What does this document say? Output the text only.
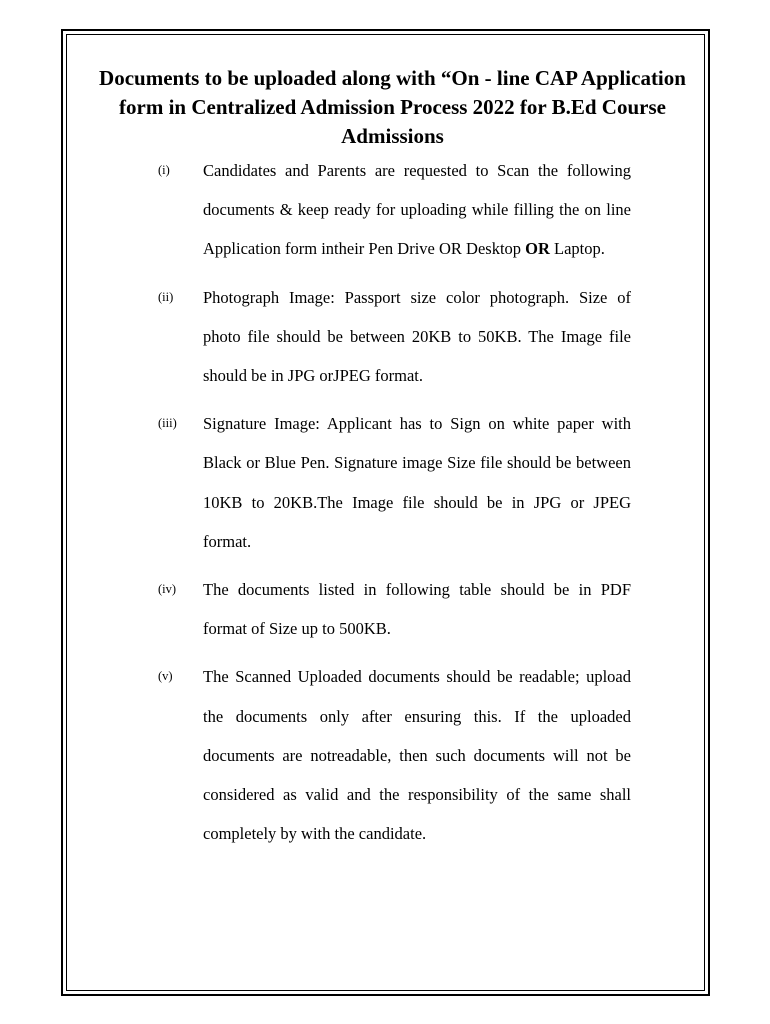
Documents to be uploaded along with “On - line CAP Application form in Centralized Admission Process 2022 for B.Ed Course Admissions
(i)	Candidates and Parents are requested to Scan the following documents & keep ready for uploading while filling the on line Application form intheir Pen Drive OR Desktop OR Laptop.
(ii)	Photograph Image: Passport size color photograph. Size of photo file should be between 20KB to 50KB. The Image file should be in JPG orJPEG format.
(iii)	Signature Image: Applicant has to Sign on white paper with Black or Blue Pen. Signature image Size file should be between 10KB to 20KB.The Image file should be in JPG or JPEG format.
(iv)	The documents listed in following table should be in PDF format of Size up to 500KB.
(v)	The Scanned Uploaded documents should be readable; upload the documents only after ensuring this. If the uploaded documents are notreadable, then such documents will not be considered as valid and the responsibility of the same shall completely by with the candidate.
